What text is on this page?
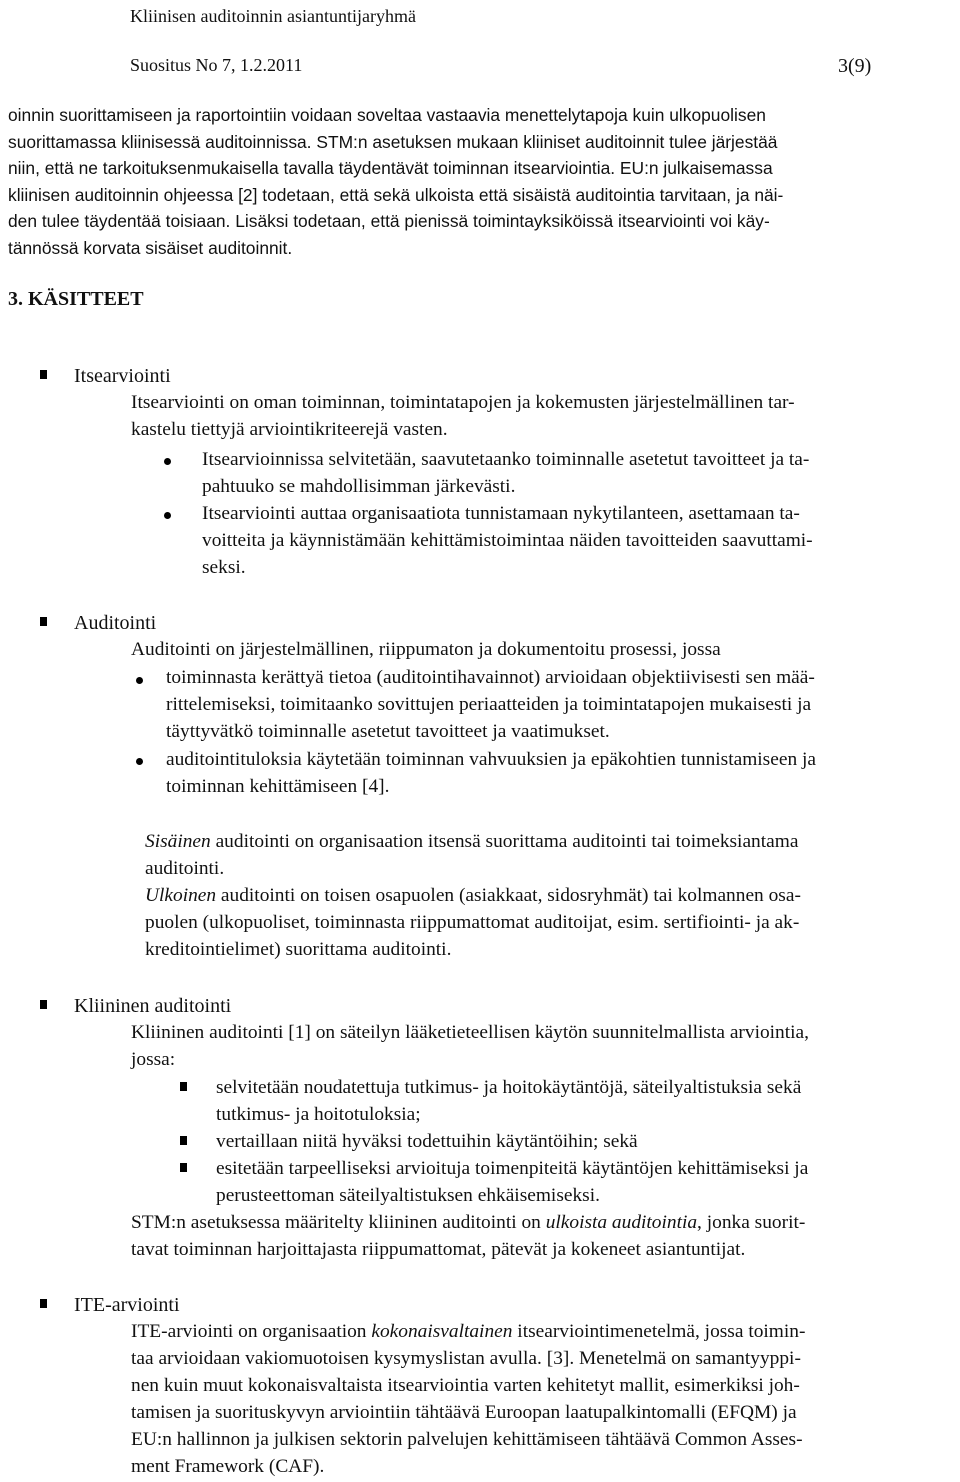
Kliinisen auditoinnin asiantuntijaryhmä
Suositus No 7, 1.2.2011	3(9)
oinnin suorittamiseen ja raportointiin voidaan soveltaa vastaavia menettelytapoja kuin ulkopuolisen
suorittamassa kliinisessä auditoinnissa. STM:n asetuksen mukaan kliiniset auditoinnit tulee järjestää
niin, että ne tarkoituksenmukaisella tavalla täydentävät toiminnan itsearviointia. EU:n julkaisemassa
kliinisen auditoinnin ohjeessa [2] todetaan, että sekä ulkoista että sisäistä auditointia tarvitaan, ja näi-
den tulee täydentää toisiaan. Lisäksi todetaan, että pienissä toimintayksiköissä itsearviointi voi käy-
tännössä korvata sisäiset auditoinnit.
3. KÄSITTEET
Itsearviointi
Itsearviointi on oman toiminnan, toimintatapojen ja kokemusten järjestelmällinen tar-
kastelu tiettyjä arviointikriteerejä vasten.
Itsearvioinnissa selvitetään, saavutetaanko toiminnalle asetetut tavoitteet ja ta-
pahtuuko se mahdollisimman järkevästi.
Itsearviointi auttaa organisaatiota tunnistamaan nykytilanteen, asettamaan ta-
voitteita ja käynnistämään kehittämistoimintaa näiden tavoitteiden saavuttami-
seksi.
Auditointi
Auditointi on järjestelmällinen, riippumaton ja dokumentoitu prosessi, jossa
toiminnasta kerättyä tietoa (auditointihavainnot) arvioidaan objektiivisesti sen mää-
rittelemiseksi, toimitaanko sovittujen periaatteiden ja toimintatapojen mukaisesti ja
täyttyvätkö toiminnalle asetetut tavoitteet ja vaatimukset.
auditointituloksia käytetään toiminnan vahvuuksien ja epäkohtien tunnistamiseen ja
toiminnan kehittämiseen [4].
Sisäinen auditointi on organisaation itsensä suorittama auditointi tai toimeksiantama
auditointi.
Ulkoinen auditointi on toisen osapuolen (asiakkaat, sidosryhmät) tai kolmannen osa-
puolen (ulkopuoliset, toiminnasta riippumattomat auditoijat, esim. sertifiointi- ja ak-
kreditointielimet) suorittama auditointi.
Kliininen auditointi
Kliininen auditointi [1] on säteilyn lääketieteellisen käytön suunnitelmallista arviointia,
jossa:
selvitetään noudatettuja tutkimus- ja hoitokäytäntöjä, säteilyaltistuksia sekä
tutkimus- ja hoitotuloksia;
vertaillaan niitä hyväksi todettuihin käytäntöihin; sekä
esitetään tarpeelliseksi arvioituja toimenpiteitä käytäntöjen kehittämiseksi ja
perusteettoman säteilyaltistuksen ehkäisemiseksi.
STM:n asetuksessa määritelty kliininen auditointi on ulkoista auditointia, jonka suorit-
tavat toiminnan harjoittajasta riippumattomat, pätevät ja kokeneet asiantuntijat.
ITE-arviointi
ITE-arviointi on organisaation kokonaisvaltainen itsearviointimenetelmä, jossa toimin-
taa arvioidaan vakiomuotoisen kysymyslistan avulla. [3]. Menetelmä on samantyyppi-
nen kuin muut kokonaisvaltaista itsearviointia varten kehitetyt mallit, esimerkiksi joh-
tamisen ja suorituskyvyn arviointiin tähtäävä Euroopan laatupalkintomalli (EFQM) ja
EU:n hallinnon ja julkisen sektorin palvelujen kehittämiseen tähtäävä Common Asses-
ment Framework (CAF).
